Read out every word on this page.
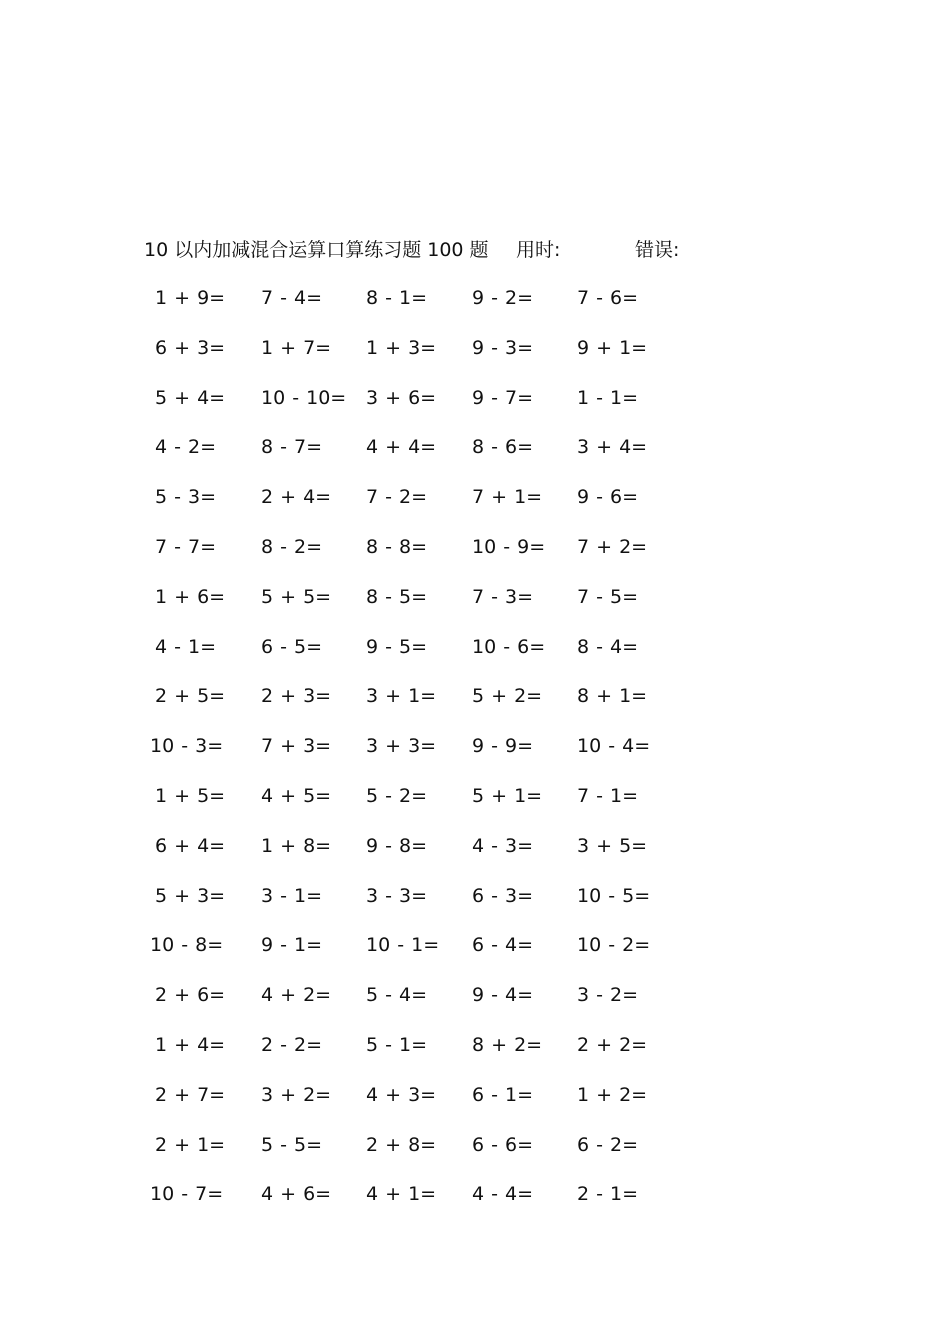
10 以内加减混合运算口算练习题 100 题 用时:	错误:
1 + 9= 7 - 4= 8 - 1= 9 - 2= 7 - 6=
6 + 3= 1 + 7= 1 + 3= 9 - 3= 9 + 1=
5 + 4= 10 - 10= 3 + 6= 9 - 7= 1 - 1=
4 - 2= 8 - 7= 4 + 4= 8 - 6= 3 + 4=
5 - 3= 2 + 4= 7 - 2= 7 + 1= 9 - 6=
7 - 7= 8 - 2= 8 - 8= 10 - 9= 7 + 2=
1 + 6= 5 + 5= 8 - 5= 7 - 3= 7 - 5=
4 - 1= 6 - 5= 9 - 5= 10 - 6= 8 - 4=
2 + 5= 2 + 3= 3 + 1= 5 + 2= 8 + 1=
10 - 3= 7 + 3= 3 + 3= 9 - 9= 10 - 4=
1 + 5= 4 + 5= 5 - 2= 5 + 1= 7 - 1=
6 + 4= 1 + 8= 9 - 8= 4 - 3= 3 + 5=
5 + 3= 3 - 1= 3 - 3= 6 - 3= 10 - 5=
10 - 8= 9 - 1= 10 - 1= 6 - 4= 10 - 2=
2 + 6= 4 + 2= 5 - 4= 9 - 4= 3 - 2=
1 + 4= 2 - 2= 5 - 1= 8 + 2= 2 + 2=
2 + 7= 3 + 2= 4 + 3= 6 - 1= 1 + 2=
2 + 1= 5 - 5= 2 + 8= 6 - 6= 6 - 2=
10 - 7= 4 + 6= 4 + 1= 4 - 4= 2 - 1=
